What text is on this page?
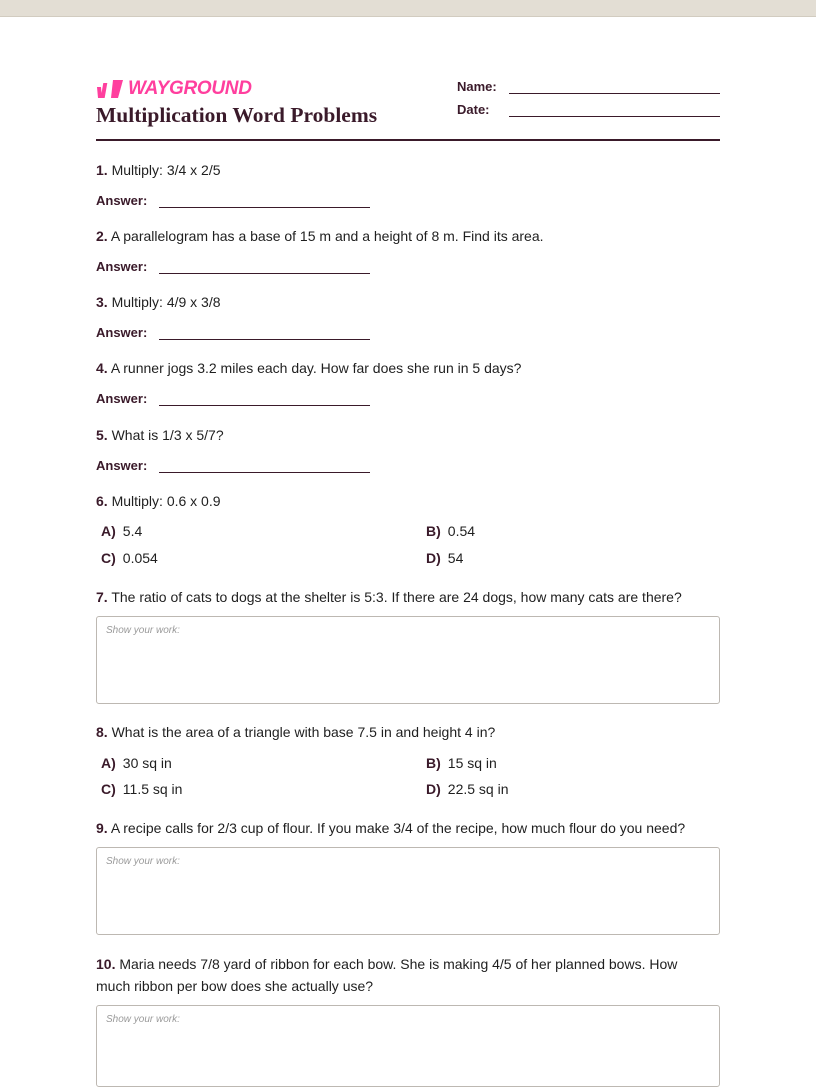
WAYGROUND
Multiplication Word Problems
Name:
Date:
1. Multiply: 3/4 x 2/5
Answer:
2. A parallelogram has a base of 15 m and a height of 8 m. Find its area.
Answer:
3. Multiply: 4/9 x 3/8
Answer:
4. A runner jogs 3.2 miles each day. How far does she run in 5 days?
Answer:
5. What is 1/3 x 5/7?
Answer:
6. Multiply: 0.6 x 0.9
A) 5.4	B) 0.54
C) 0.054	D) 54
7. The ratio of cats to dogs at the shelter is 5:3. If there are 24 dogs, how many cats are there?
Show your work:
8. What is the area of a triangle with base 7.5 in and height 4 in?
A) 30 sq in	B) 15 sq in
C) 11.5 sq in	D) 22.5 sq in
9. A recipe calls for 2/3 cup of flour. If you make 3/4 of the recipe, how much flour do you need?
Show your work:
10. Maria needs 7/8 yard of ribbon for each bow. She is making 4/5 of her planned bows. How much ribbon per bow does she actually use?
Show your work:
